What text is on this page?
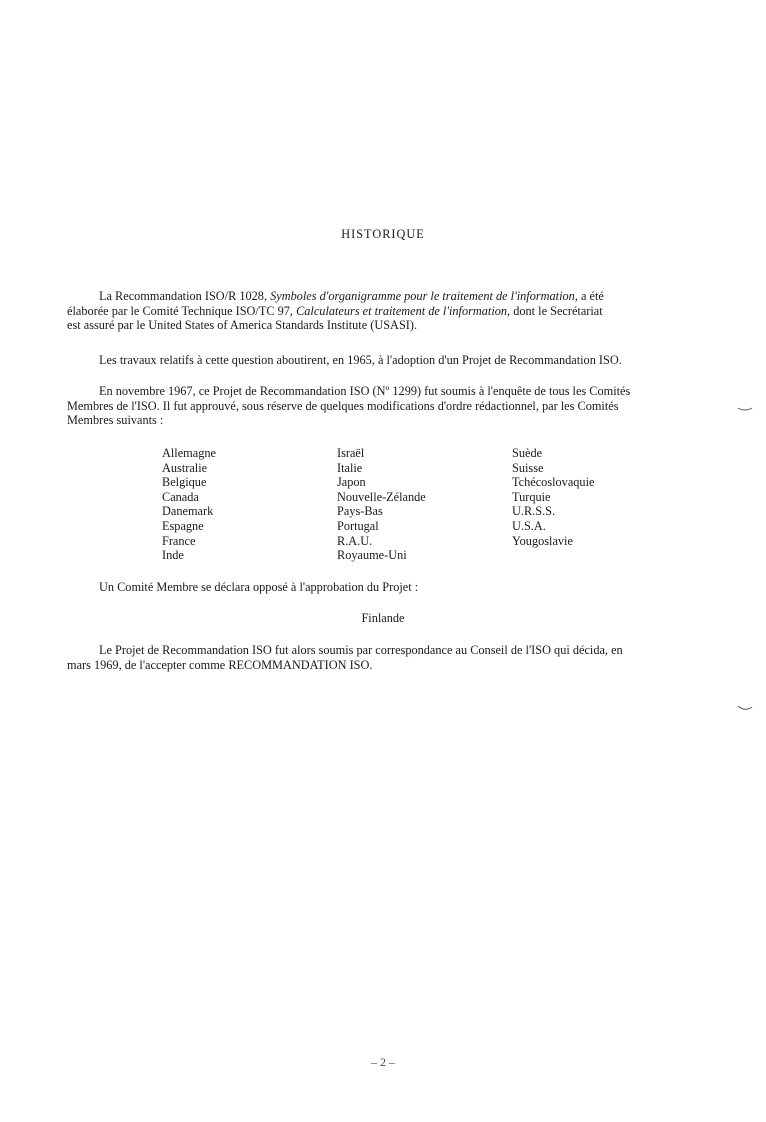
HISTORIQUE
La Recommandation ISO/R 1028, Symboles d'organigramme pour le traitement de l'information, a été
élaborée par le Comité Technique ISO/TC 97, Calculateurs et traitement de l'information, dont le Secrétariat
est assuré par le United States of America Standards Institute (USASI).
Les travaux relatifs à cette question aboutirent, en 1965, à l'adoption d'un Projet de Recommandation ISO.
En novembre 1967, ce Projet de Recommandation ISO (Nº 1299) fut soumis à l'enquête de tous les Comités
Membres de l'ISO. Il fut approuvé, sous réserve de quelques modifications d'ordre rédactionnel, par les Comités
Membres suivants :
Allemagne
Australie
Belgique
Canada
Danemark
Espagne
France
Inde
Israël
Italie
Japon
Nouvelle-Zélande
Pays-Bas
Portugal
R.A.U.
Royaume-Uni
Suède
Suisse
Tchécoslovaquie
Turquie
U.R.S.S.
U.S.A.
Yougoslavie
Un Comité Membre se déclara opposé à l'approbation du Projet :
Finlande
Le Projet de Recommandation ISO fut alors soumis par correspondance au Conseil de l'ISO qui décida, en
mars 1969, de l'accepter comme RECOMMANDATION ISO.
– 2 –
